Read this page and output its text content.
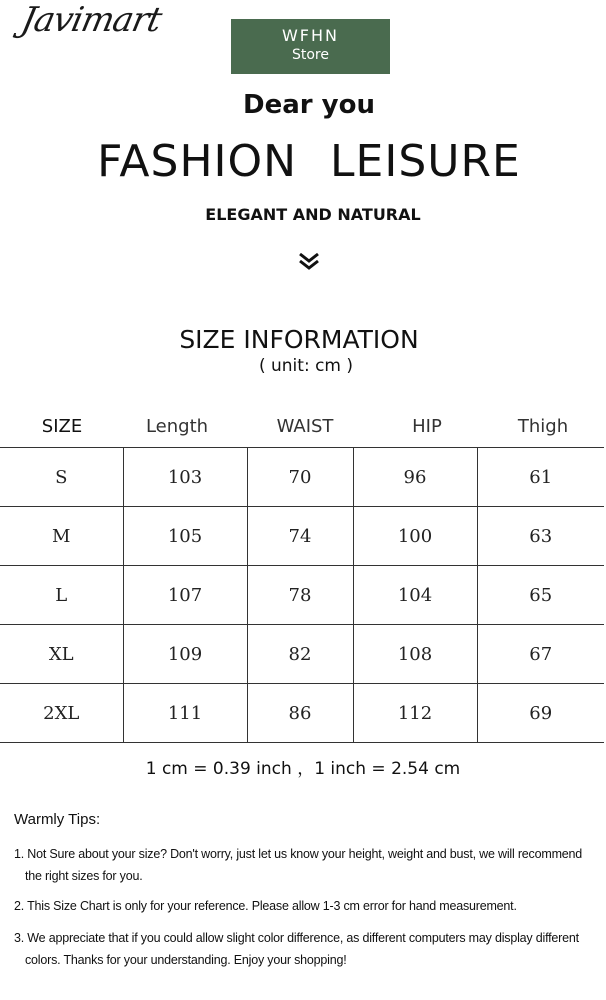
Javimart	WFHN
Store
Dear you
FASHION LEISURE
ELEGANT AND NATURAL
SIZE INFORMATION
( unit: cm )
SIZE	Length	WAIST	HIP	Thigh
S	103	70	96	61
M	105	74	100	63
L	107	78	104	65
XL	109	82	108	67
2XL	111	86	112	69
1 cm = 0.39 inch ，1 inch = 2.54 cm
Warmly Tips:
1. Not Sure about your size? Don't worry, just let us know your height, weight and bust, we will recommend
the right sizes for you.
2. This Size Chart is only for your reference. Please allow 1-3 cm error for hand measurement.
3. We appreciate that if you could allow slight color difference, as different computers may display different
colors. Thanks for your understanding. Enjoy your shopping!
